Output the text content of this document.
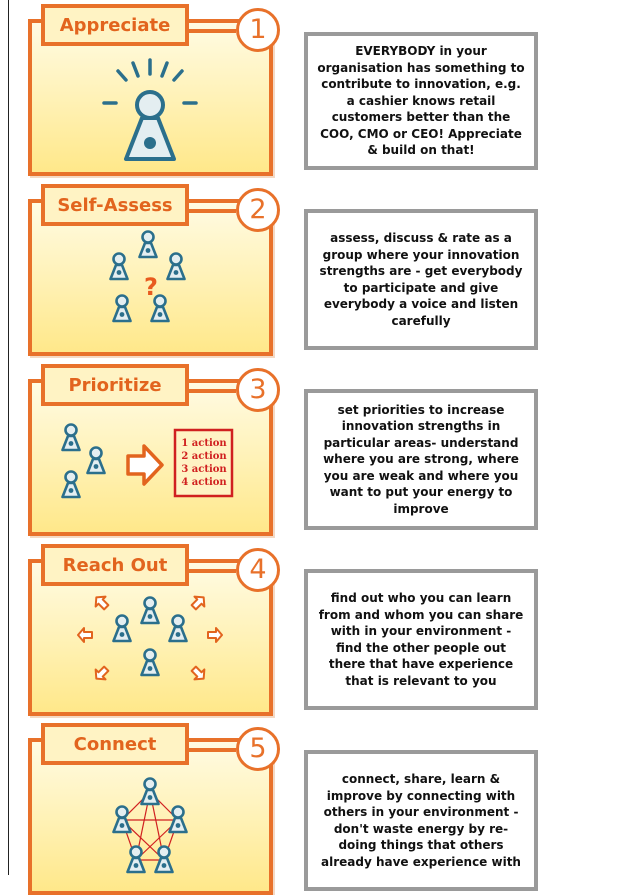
Appreciate	1
EVERYBODY in your organisation has something to contribute to innovation, e.g. a cashier knows retail customers better than the COO, CMO or CEO! Appreciate & build on that!
?
Self-Assess	2
assess, discuss & rate as a group where your innovation strengths are - get everybody to participate and give everybody a voice and listen carefully
1 action
2 action
3 action
4 action
Prioritize	3
set priorities to increase innovation strengths in particular areas- understand where you are strong, where you are weak and where you want to put your energy to improve
Reach Out	4
find out who you can learn from and whom you can share with in your environment - find the other people out there that have experience that is relevant to you
Connect	5
connect, share, learn & improve by connecting with others in your environment - don't waste energy by re-doing things that others already have experience with
